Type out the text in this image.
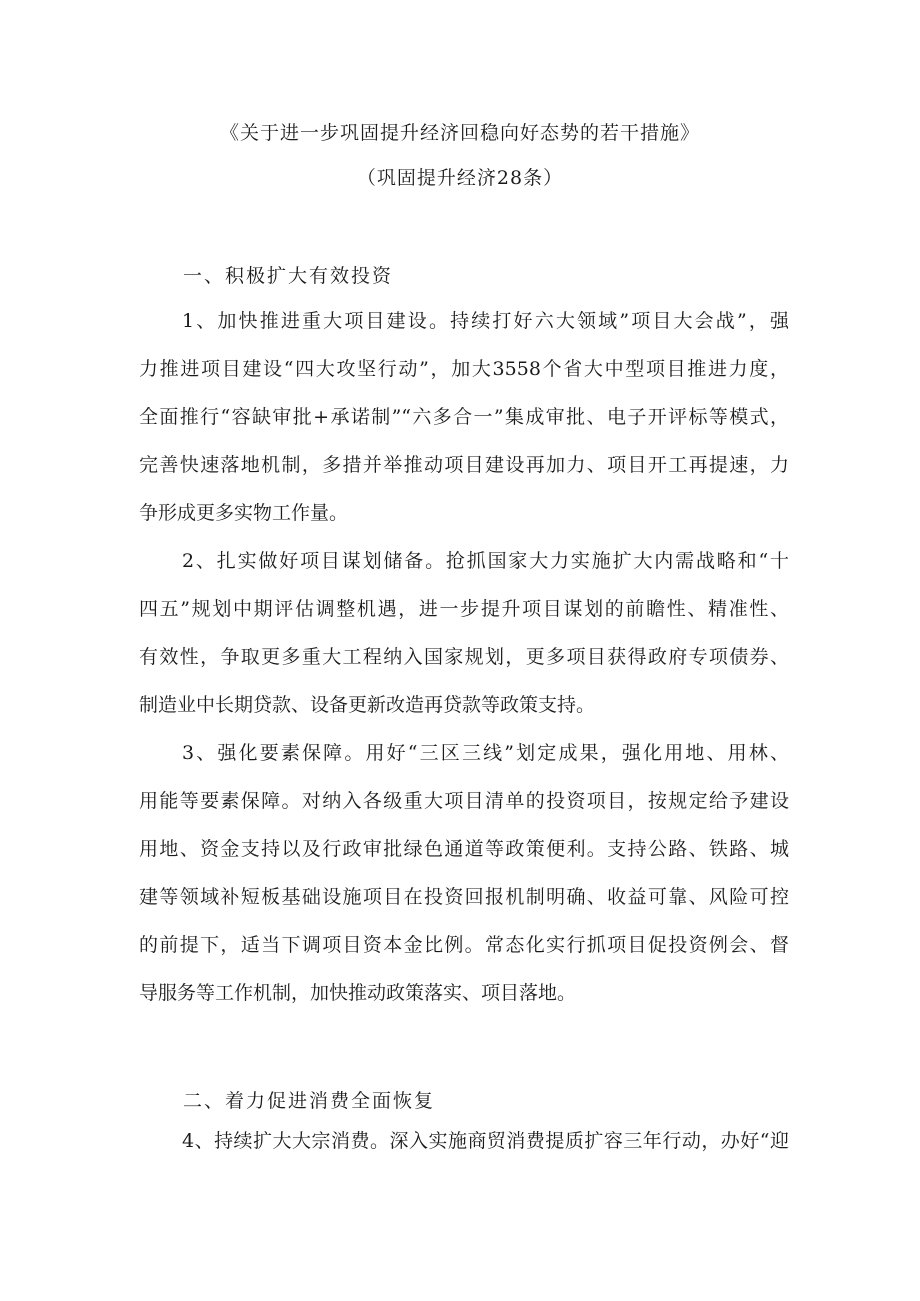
《关于进一步巩固提升经济回稳向好态势的若干措施》
（巩固提升经济28条）
一、积极扩大有效投资
1、加快推进重大项目建设。持续打好六大领域”项目大会战”，强
力推进项目建设“四大攻坚行动”，加大3558个省大中型项目推进力度，
全面推行“容缺审批+承诺制”“六多合一”集成审批、电子开评标等模式，
完善快速落地机制，多措并举推动项目建设再加力、项目开工再提速，力
争形成更多实物工作量。
2、扎实做好项目谋划储备。抢抓国家大力实施扩大内需战略和“十
四五”规划中期评估调整机遇，进一步提升项目谋划的前瞻性、精准性、
有效性，争取更多重大工程纳入国家规划，更多项目获得政府专项债券、
制造业中长期贷款、设备更新改造再贷款等政策支持。
3、强化要素保障。用好“三区三线”划定成果，强化用地、用林、
用能等要素保障。对纳入各级重大项目清单的投资项目，按规定给予建设
用地、资金支持以及行政审批绿色通道等政策便利。支持公路、铁路、城
建等领域补短板基础设施项目在投资回报机制明确、收益可靠、风险可控
的前提下，适当下调项目资本金比例。常态化实行抓项目促投资例会、督
导服务等工作机制，加快推动政策落实、项目落地。
二、着力促进消费全面恢复
4、持续扩大大宗消费。深入实施商贸消费提质扩容三年行动，办好“迎
